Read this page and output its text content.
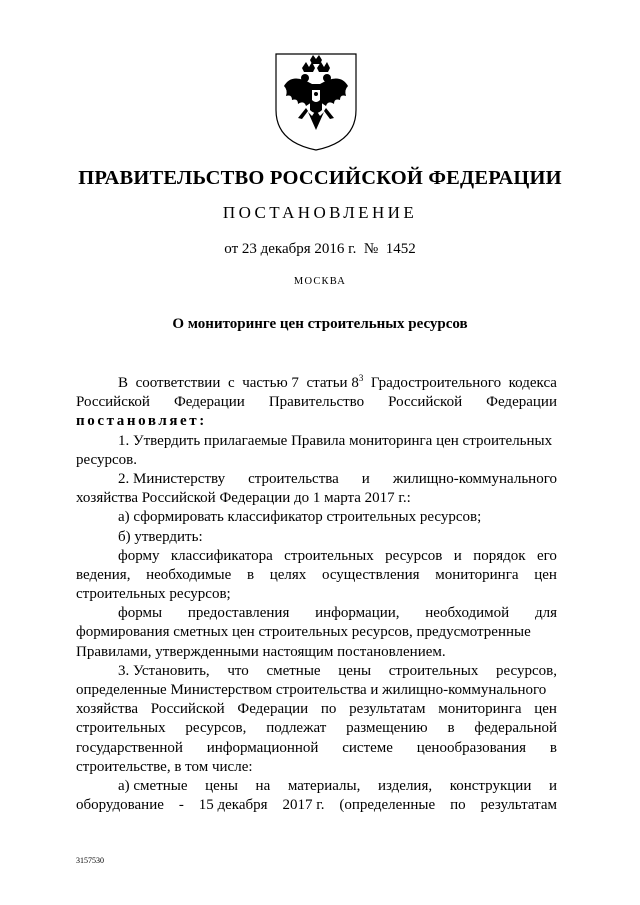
ПРАВИТЕЛЬСТВО РОССИЙСКОЙ ФЕДЕРАЦИИ
ПОСТАНОВЛЕНИЕ
от 23 декабря 2016 г.  №  1452
МОСКВА
О мониторинге цен строительных ресурсов
В соответствии с частью 7 статьи $8^3$ Градостроительного кодекса
Российской Федерации Правительство Российской Федерации
постановляет:
1. Утвердить прилагаемые Правила мониторинга цен строительных
ресурсов.
2. Министерству строительства и жилищно-коммунального
хозяйства Российской Федерации до 1 марта 2017 г.:
а) сформировать классификатор строительных ресурсов;
б) утвердить:
форму классификатора строительных ресурсов и порядок его
ведения, необходимые в целях осуществления мониторинга цен
строительных ресурсов;
формы предоставления информации, необходимой для
формирования сметных цен строительных ресурсов, предусмотренные
Правилами, утвержденными настоящим постановлением.
3. Установить, что сметные цены строительных ресурсов,
определенные Министерством строительства и жилищно-коммунального
хозяйства Российской Федерации по результатам мониторинга цен
строительных ресурсов, подлежат размещению в федеральной
государственной информационной системе ценообразования в
строительстве, в том числе:
а) сметные цены на материалы, изделия, конструкции и
оборудование - 15 декабря 2017 г. (определенные по результатам
3157530
